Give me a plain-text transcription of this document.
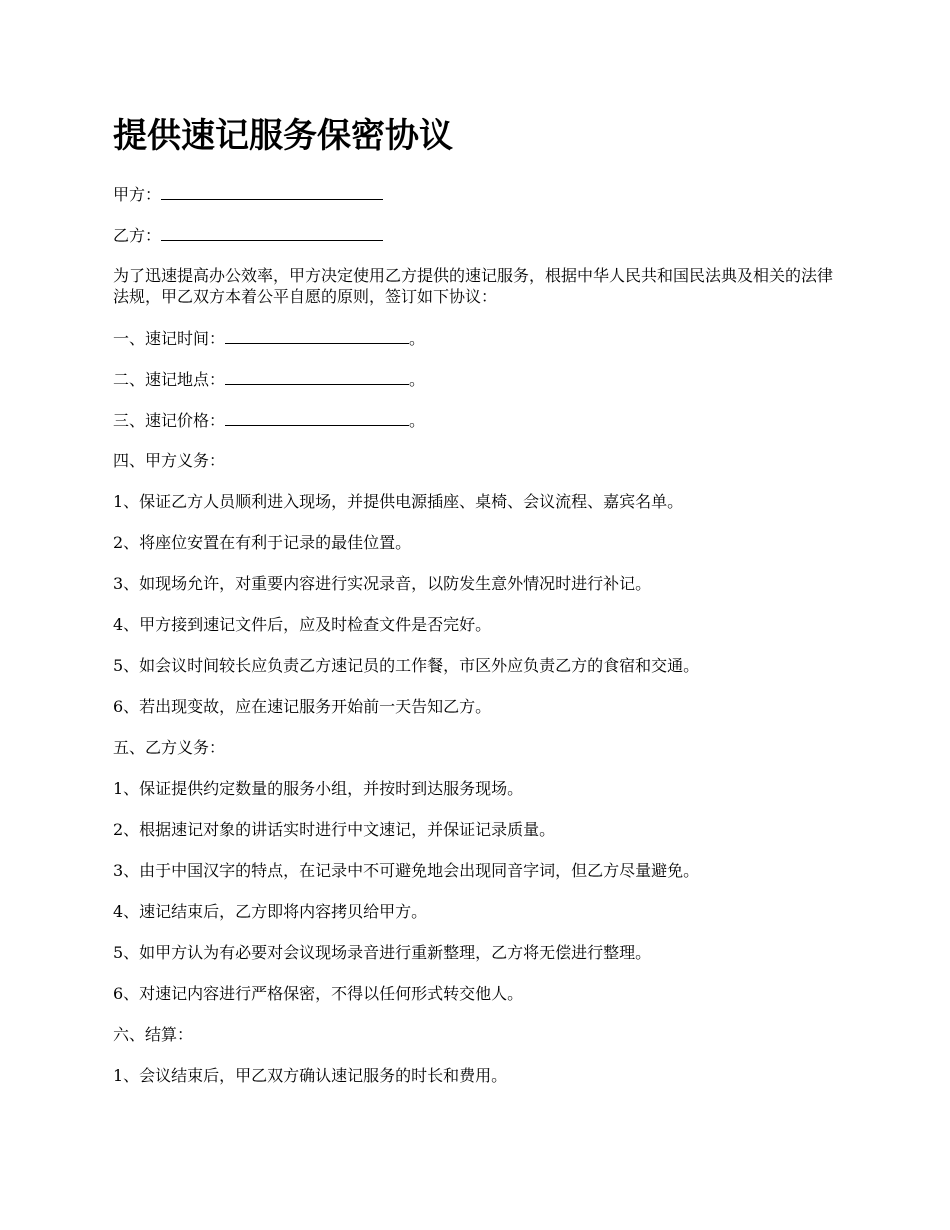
提供速记服务保密协议
甲方：
乙方：
为了迅速提高办公效率，甲方决定使用乙方提供的速记服务，根据中华人民共和国民法典及相关的法律法规，甲乙双方本着公平自愿的原则，签订如下协议：
一、速记时间：	。
二、速记地点：	。
三、速记价格：	。
四、甲方义务：
1、保证乙方人员顺利进入现场，并提供电源插座、桌椅、会议流程、嘉宾名单。
2、将座位安置在有利于记录的最佳位置。
3、如现场允许，对重要内容进行实况录音，以防发生意外情况时进行补记。
4、甲方接到速记文件后，应及时检查文件是否完好。
5、如会议时间较长应负责乙方速记员的工作餐，市区外应负责乙方的食宿和交通。
6、若出现变故，应在速记服务开始前一天告知乙方。
五、乙方义务：
1、保证提供约定数量的服务小组，并按时到达服务现场。
2、根据速记对象的讲话实时进行中文速记，并保证记录质量。
3、由于中国汉字的特点，在记录中不可避免地会出现同音字词，但乙方尽量避免。
4、速记结束后，乙方即将内容拷贝给甲方。
5、如甲方认为有必要对会议现场录音进行重新整理，乙方将无偿进行整理。
6、对速记内容进行严格保密，不得以任何形式转交他人。
六、结算：
1、会议结束后，甲乙双方确认速记服务的时长和费用。
